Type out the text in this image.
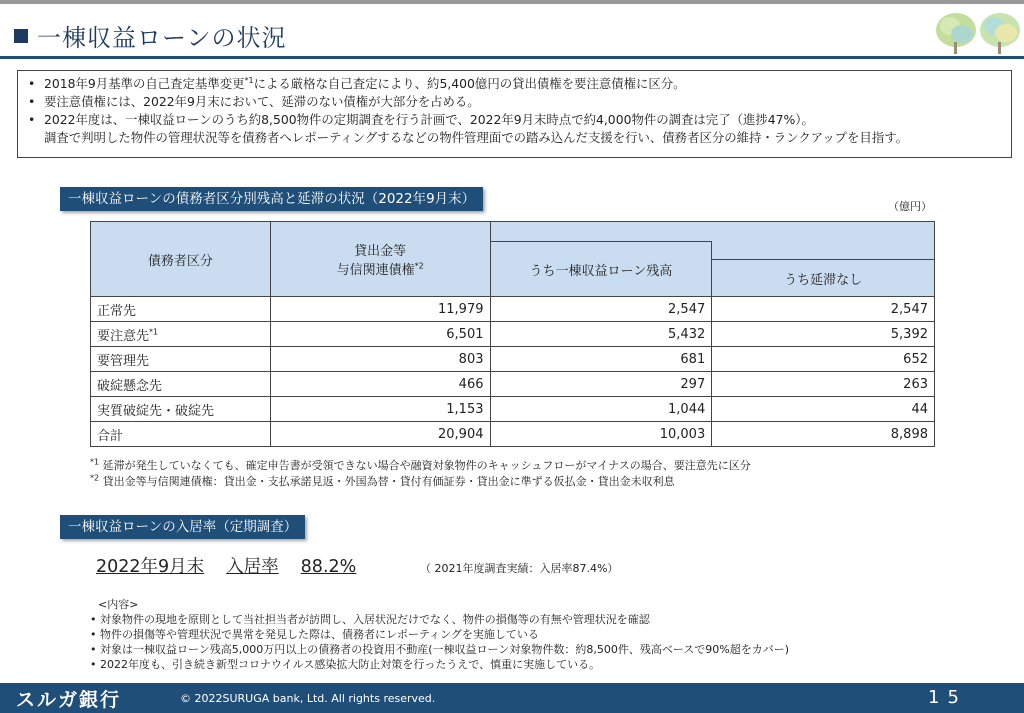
一棟収益ローンの状況
• 2018年9月基準の自己査定基準変更$^{*1}$による厳格な自己査定により、約5,400億円の貸出債権を要注意債権に区分。
• 要注意債権には、2022年9月末において、延滞のない債権が大部分を占める。
• 2022年度は、一棟収益ローンのうち約8,500物件の定期調査を行う計画で、2022年9月末時点で約4,000物件の調査は完了（進捗47%）。
調査で判明した物件の管理状況等を債務者へレポーティングするなどの物件管理面での踏み込んだ支援を行い、債務者区分の維持・ランクアップを目指す。
一棟収益ローンの債務者区分別残高と延滞の状況（2022年9月末）	（億円）
債務者区分	貸出金等
与信関連債権$^{*2}$

		うち一棟収益ローン残高	
			うち延滞なし
正常先	11,979	2,547	2,547
要注意先$^{*1}$	6,501	5,432	5,392
要管理先	803	681	652
破綻懸念先	466	297	263
実質破綻先・破綻先	1,153	1,044	44
合計	20,904	10,003	8,898
$^{*1}$ 延滞が発生していなくても、確定申告書が受領できない場合や融資対象物件のキャッシュフローがマイナスの場合、要注意先に区分
$^{*2}$ 貸出金等与信関連債権：貸出金・支払承諾見返・外国為替・貸付有価証券・貸出金に準ずる仮払金・貸出金未収利息
一棟収益ローンの入居率（定期調査）
2022年9月末 入居率 88.2%	（ 2021年度調査実績：入居率87.4%）
<内容>
• 対象物件の現地を原則として当社担当者が訪問し、入居状況だけでなく、物件の損傷等の有無や管理状況を確認
• 物件の損傷等や管理状況で異常を発見した際は、債務者にレポーティングを実施している
• 対象は一棟収益ローン残高5,000万円以上の債務者の投資用不動産(一棟収益ローン対象物件数：約8,500件、残高ベースで90%超をカバー)
• 2022年度も、引き続き新型コロナウイルス感染拡大防止対策を行ったうえで、慎重に実施している。
スルガ銀行	© 2022SURUGA bank, Ltd. All rights reserved.	15
